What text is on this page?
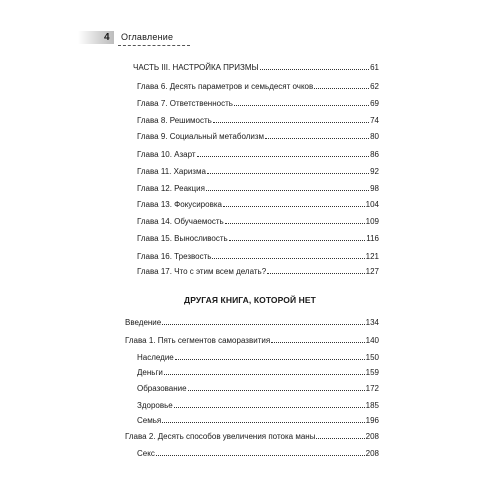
4 Оглавление
ЧАСТЬ III. НАСТРОЙКА ПРИЗМЫ	61
Глава 6. Десять параметров и семьдесят очков	62
Глава 7. Ответственность	69
Глава 8. Решимость	74
Глава 9. Социальный метаболизм	80
Глава 10. Азарт	86
Глава 11. Харизма	92
Глава 12. Реакция	98
Глава 13. Фокусировка	104
Глава 14. Обучаемость	109
Глава 15. Выносливость	116
Глава 16. Трезвость	121
Глава 17. Что с этим всем делать?	127
ДРУГАЯ КНИГА, КОТОРОЙ НЕТ
Введение	134
Глава 1. Пять сегментов саморазвития	140
Наследие	150
Деньги	159
Образование	172
Здоровье	185
Семья	196
Глава 2. Десять способов увеличения потока маны	208
Секс	208
